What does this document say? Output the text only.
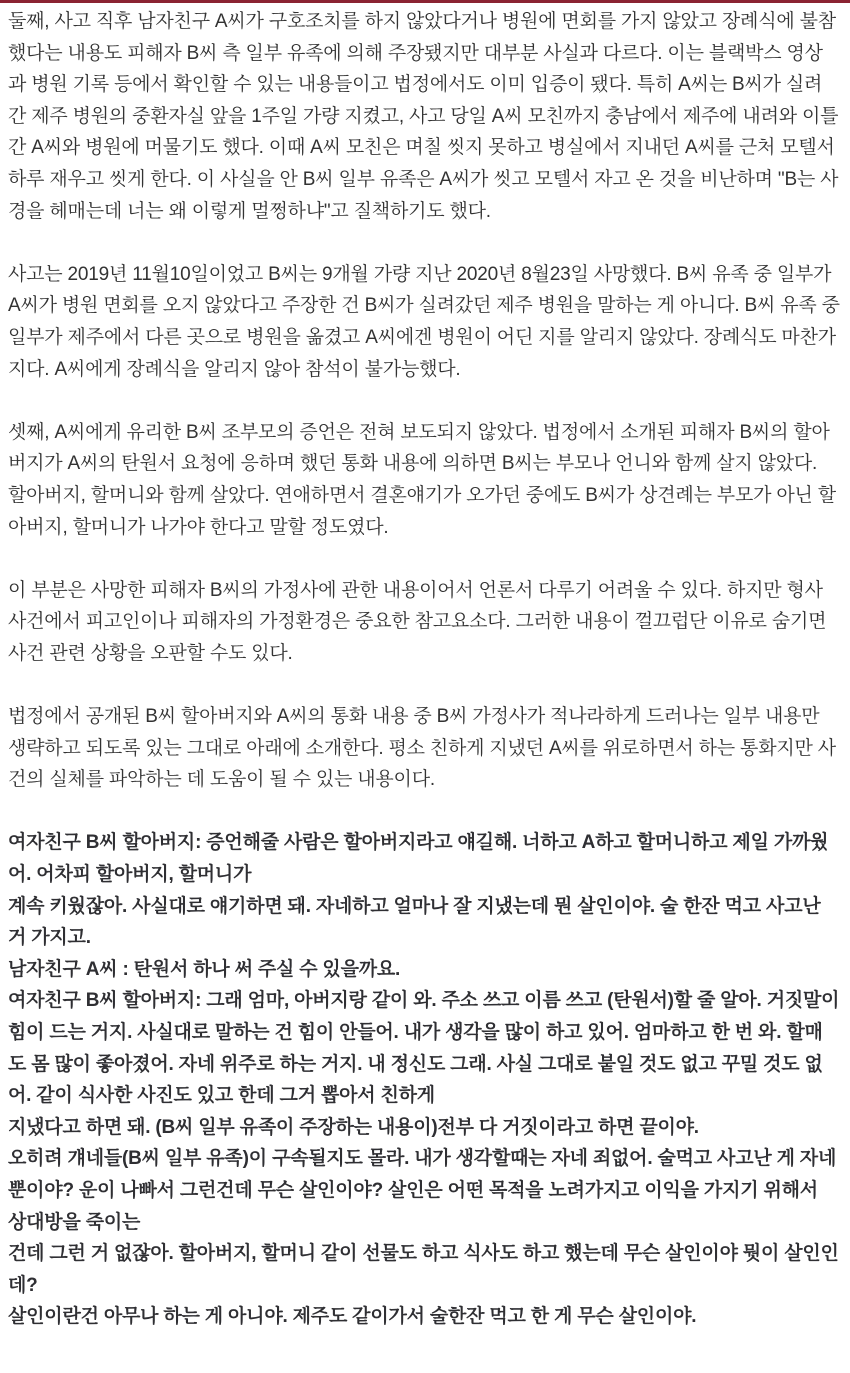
둘째, 사고 직후 남자친구 A씨가 구호조치를 하지 않았다거나 병원에 면회를 가지 않았고 장례식에 불참했다는 내용도 피해자 B씨 측 일부 유족에 의해 주장됐지만 대부분 사실과 다르다. 이는 블랙박스 영상과 병원 기록 등에서 확인할 수 있는 내용들이고 법정에서도 이미 입증이 됐다. 특히 A씨는 B씨가 실려간 제주 병원의 중환자실 앞을 1주일 가량 지켰고, 사고 당일 A씨 모친까지 충남에서 제주에 내려와 이틀간 A씨와 병원에 머물기도 했다. 이때 A씨 모친은 며칠 씻지 못하고 병실에서 지내던 A씨를 근처 모텔서 하루 재우고 씻게 한다. 이 사실을 안 B씨 일부 유족은 A씨가 씻고 모텔서 자고 온 것을 비난하며 "B는 사경을 헤매는데 너는 왜 이렇게 멀쩡하냐"고 질책하기도 했다.

사고는 2019년 11월10일이었고 B씨는 9개월 가량 지난 2020년 8월23일 사망했다. B씨 유족 중 일부가 A씨가 병원 면회를 오지 않았다고 주장한 건 B씨가 실려갔던 제주 병원을 말하는 게 아니다. B씨 유족 중 일부가 제주에서 다른 곳으로 병원을 옮겼고 A씨에겐 병원이 어딘 지를 알리지 않았다. 장례식도 마찬가지다. A씨에게 장례식을 알리지 않아 참석이 불가능했다.

셋째, A씨에게 유리한 B씨 조부모의 증언은 전혀 보도되지 않았다. 법정에서 소개된 피해자 B씨의 할아버지가 A씨의 탄원서 요청에 응하며 했던 통화 내용에 의하면 B씨는 부모나 언니와 함께 살지 않았다. 할아버지, 할머니와 함께 살았다. 연애하면서 결혼얘기가 오가던 중에도 B씨가 상견례는 부모가 아닌 할아버지, 할머니가 나가야 한다고 말할 정도였다.

이 부분은 사망한 피해자 B씨의 가정사에 관한 내용이어서 언론서 다루기 어려울 수 있다. 하지만 형사 사건에서 피고인이나 피해자의 가정환경은 중요한 참고요소다. 그러한 내용이 껄끄럽단 이유로 숨기면 사건 관련 상황을 오판할 수도 있다.

법정에서 공개된 B씨 할아버지와 A씨의 통화 내용 중 B씨 가정사가 적나라하게 드러나는 일부 내용만 생략하고 되도록 있는 그대로 아래에 소개한다. 평소 친하게 지냈던 A씨를 위로하면서 하는 통화지만 사건의 실체를 파악하는 데 도움이 될 수 있는 내용이다.

여자친구 B씨 할아버지: 증언해줄 사람은 할아버지라고 얘길해. 너하고 A하고 할머니하고 제일 가까웠어. 어차피 할아버지, 할머니가

계속 키웠잖아. 사실대로 얘기하면 돼. 자네하고 얼마나 잘 지냈는데 뭔 살인이야. 술 한잔 먹고 사고난 거 가지고.

남자친구 A씨 : 탄원서 하나 써 주실 수 있을까요.

여자친구 B씨 할아버지: 그래 엄마, 아버지랑 같이 와. 주소 쓰고 이름 쓰고 (탄원서)할 줄 알아. 거짓말이 힘이 드는 거지. 사실대로 말하는 건 힘이 안들어. 내가 생각을 많이 하고 있어. 엄마하고 한 번 와. 할매도 몸 많이 좋아졌어. 자네 위주로 하는 거지. 내 정신도 그래. 사실 그대로 붙일 것도 없고 꾸밀 것도 없어. 같이 식사한 사진도 있고 한데 그거 뽑아서 친하게

지냈다고 하면 돼. (B씨 일부 유족이 주장하는 내용이)전부 다 거짓이라고 하면 끝이야.

오히려 걔네들(B씨 일부 유족)이 구속될지도 몰라. 내가 생각할때는 자네 죄없어. 술먹고 사고난 게 자네 뿐이야? 운이 나빠서 그런건데 무슨 살인이야? 살인은 어떤 목적을 노려가지고 이익을 가지기 위해서 상대방을 죽이는

건데 그런 거 없잖아. 할아버지, 할머니 같이 선물도 하고 식사도 하고 했는데 무슨 살인이야 뭣이 살인인데?

살인이란건 아무나 하는 게 아니야. 제주도 같이가서 술한잔 먹고 한 게 무슨 살인이야.
